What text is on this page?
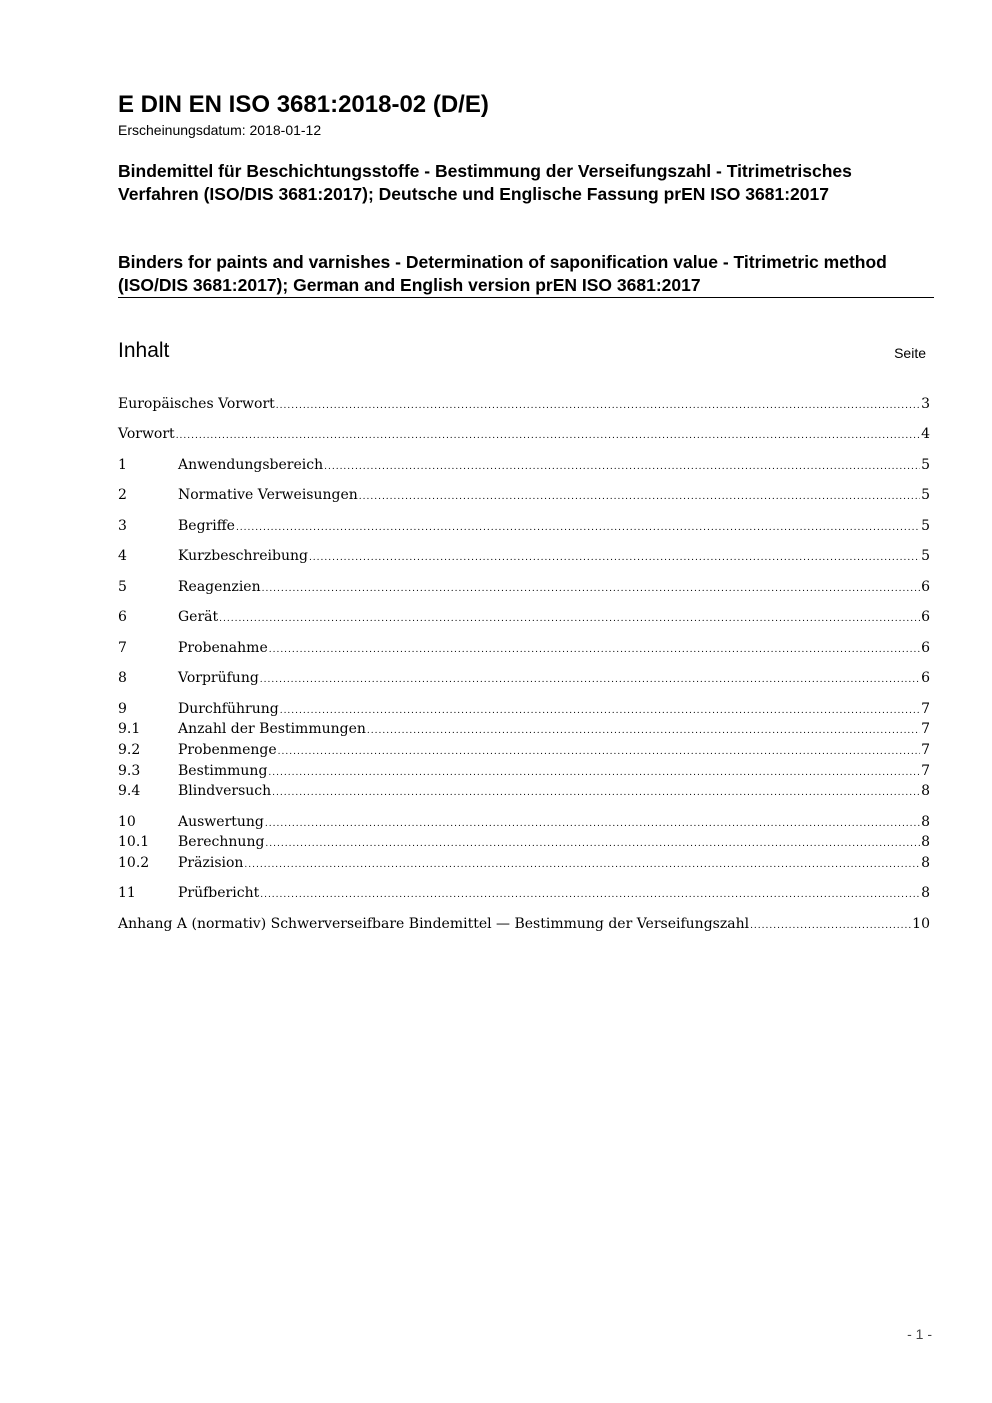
E DIN EN ISO 3681:2018-02 (D/E)
Erscheinungsdatum: 2018-01-12
Bindemittel für Beschichtungsstoffe - Bestimmung der Verseifungszahl - Titrimetrisches Verfahren (ISO/DIS 3681:2017); Deutsche und Englische Fassung prEN ISO 3681:2017
Binders for paints and varnishes - Determination of saponification value - Titrimetric method (ISO/DIS 3681:2017); German and English version prEN ISO 3681:2017
Inhalt	Seite
Europäisches Vorwort .....	3
Vorwort .....	4
1	Anwendungsbereich .....	5
2	Normative Verweisungen .....	5
3	Begriffe .....	5
4	Kurzbeschreibung .....	5
5	Reagenzien .....	6
6	Gerät .....	6
7	Probenahme .....	6
8	Vorprüfung .....	6
9	Durchführung .....	7
9.1	Anzahl der Bestimmungen .....	7
9.2	Probenmenge .....	7
9.3	Bestimmung .....	7
9.4	Blindversuch .....	8
10	Auswertung .....	8
10.1	Berechnung .....	8
10.2	Präzision .....	8
11	Prüfbericht .....	8
Anhang A (normativ) Schwerverseifbare Bindemittel — Bestimmung der Verseifungszahl .....	10
- 1 -
